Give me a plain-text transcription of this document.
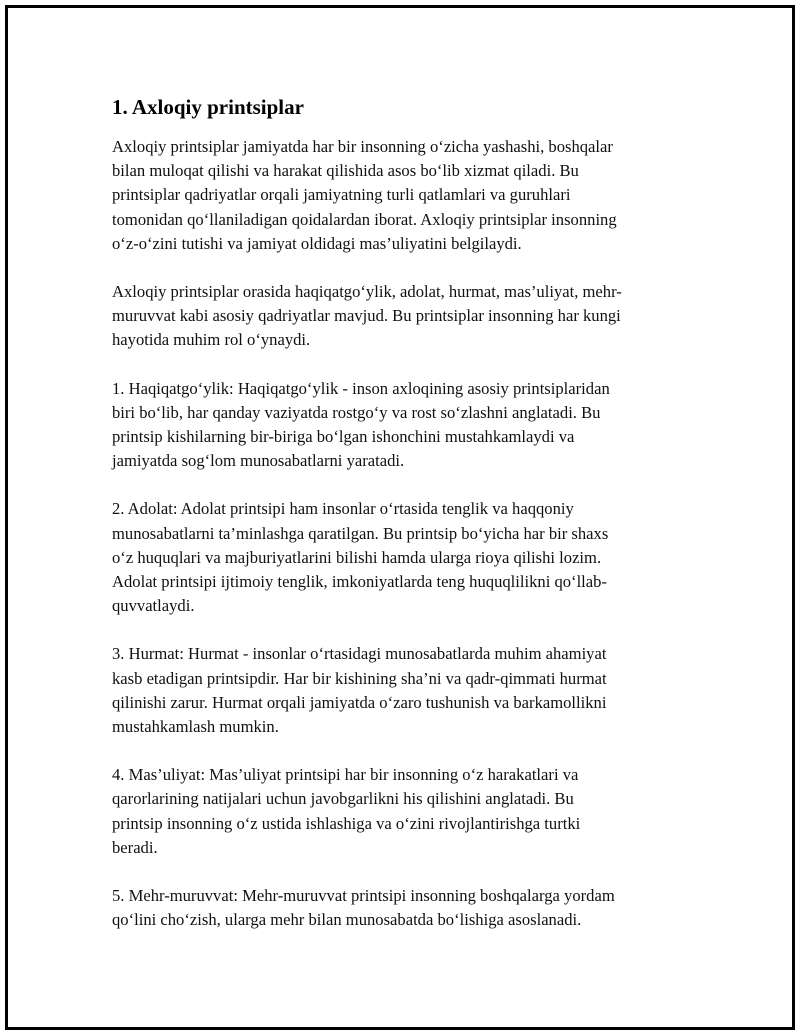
1. Axloqiy printsiplar
Axloqiy printsiplar jamiyatda har bir insonning oʻzicha yashashi, boshqalar
bilan muloqat qilishi va harakat qilishida asos boʻlib xizmat qiladi. Bu
printsiplar qadriyatlar orqali jamiyatning turli qatlamlari va guruhlari
tomonidan qoʻllaniladigan qoidalardan iborat. Axloqiy printsiplar insonning
oʻz-oʻzini tutishi va jamiyat oldidagi mas’uliyatini belgilaydi.
Axloqiy printsiplar orasida haqiqatgoʻylik, adolat, hurmat, mas’uliyat, mehr-
muruvvat kabi asosiy qadriyatlar mavjud. Bu printsiplar insonning har kungi
hayotida muhim rol oʻynaydi.
1. Haqiqatgoʻylik: Haqiqatgoʻylik - inson axloqining asosiy printsiplaridan
biri boʻlib, har qanday vaziyatda rostgoʻy va rost soʻzlashni anglatadi. Bu
printsip kishilarning bir-biriga boʻlgan ishonchini mustahkamlaydi va
jamiyatda sogʻlom munosabatlarni yaratadi.
2. Adolat: Adolat printsipi ham insonlar oʻrtasida tenglik va haqqoniy
munosabatlarni ta’minlashga qaratilgan. Bu printsip boʻyicha har bir shaxs
oʻz huquqlari va majburiyatlarini bilishi hamda ularga rioya qilishi lozim.
Adolat printsipi ijtimoiy tenglik, imkoniyatlarda teng huquqlilikni qoʻllab-
quvvatlaydi.
3. Hurmat: Hurmat - insonlar oʻrtasidagi munosabatlarda muhim ahamiyat
kasb etadigan printsipdir. Har bir kishining sha’ni va qadr-qimmati hurmat
qilinishi zarur. Hurmat orqali jamiyatda oʻzaro tushunish va barkamollikni
mustahkamlash mumkin.
4. Mas’uliyat: Mas’uliyat printsipi har bir insonning oʻz harakatlari va
qarorlarining natijalari uchun javobgarlikni his qilishini anglatadi. Bu
printsip insonning oʻz ustida ishlashiga va oʻzini rivojlantirishga turtki
beradi.
5. Mehr-muruvvat: Mehr-muruvvat printsipi insonning boshqalarga yordam
qoʻlini choʻzish, ularga mehr bilan munosabatda boʻlishiga asoslanadi.
